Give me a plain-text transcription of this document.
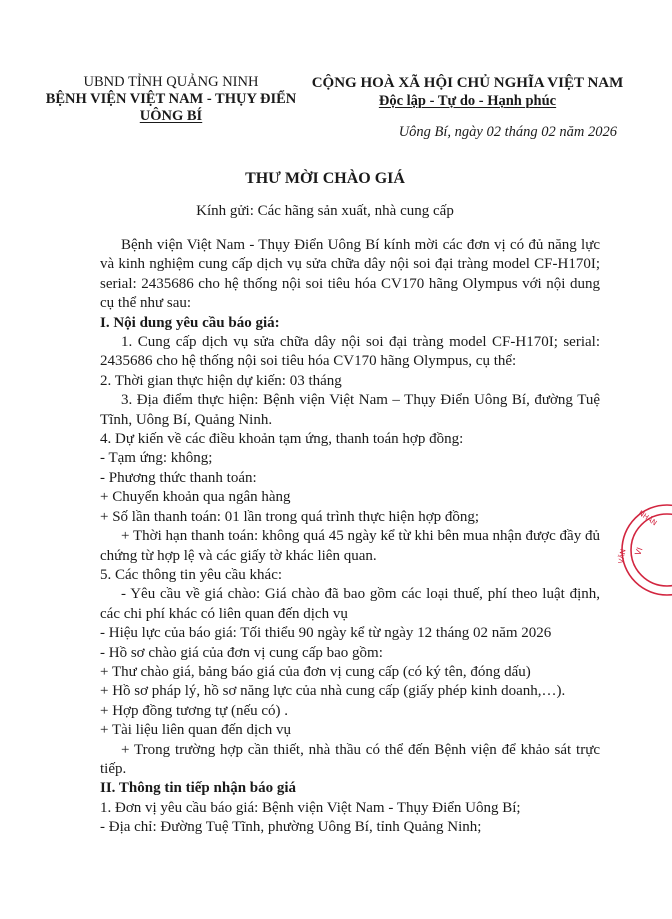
UBND TỈNH QUẢNG NINH
BỆNH VIỆN VIỆT NAM - THỤY ĐIỂN
UÔNG BÍ
CỘNG HOÀ XÃ HỘI CHỦ NGHĨA VIỆT NAM
Độc lập - Tự do - Hạnh phúc
Uông Bí, ngày 02 tháng 02 năm 2026
THƯ MỜI CHÀO GIÁ
Kính gửi: Các hãng sản xuất, nhà cung cấp

Bệnh viện Việt Nam - Thụy Điển Uông Bí kính mời các đơn vị có đủ năng lực và kinh nghiệm cung cấp dịch vụ sửa chữa dây nội soi đại tràng model CF-H170I; serial: 2435686 cho hệ thống nội soi tiêu hóa CV170 hãng Olympus với nội dung cụ thể như sau:

I. Nội dung yêu cầu báo giá:

1. Cung cấp dịch vụ sửa chữa dây nội soi đại tràng model CF-H170I; serial: 2435686 cho hệ thống nội soi tiêu hóa CV170 hãng Olympus, cụ thể:

2. Thời gian thực hiện dự kiến: 03 tháng

3. Địa điểm thực hiện: Bệnh viện Việt Nam – Thụy Điển Uông Bí, đường Tuệ Tĩnh, Uông Bí, Quảng Ninh.

4. Dự kiến về các điều khoản tạm ứng, thanh toán hợp đồng:

- Tạm ứng: không;

- Phương thức thanh toán:

+ Chuyển khoản qua ngân hàng

+ Số lần thanh toán: 01 lần trong quá trình thực hiện hợp đồng;

+ Thời hạn thanh toán: không quá 45 ngày kể từ khi bên mua nhận được đầy đủ chứng từ hợp lệ và các giấy tờ khác liên quan.

5. Các thông tin yêu cầu khác:

- Yêu cầu về giá chào: Giá chào đã bao gồm các loại thuế, phí theo luật định, các chi phí khác có liên quan đến dịch vụ

- Hiệu lực của báo giá: Tối thiểu 90 ngày kể từ ngày 12 tháng 02 năm 2026

- Hồ sơ chào giá của đơn vị cung cấp bao gồm:

+ Thư chào giá, bảng báo giá của đơn vị cung cấp (có ký tên, đóng dấu)

+ Hồ sơ pháp lý, hồ sơ năng lực của nhà cung cấp (giấy phép kinh doanh,…).

+ Hợp đồng tương tự (nếu có) .

+ Tài liệu liên quan đến dịch vụ

+ Trong trường hợp cần thiết, nhà thầu có thể đến Bệnh viện để khảo sát trực tiếp.

II. Thông tin tiếp nhận báo giá

1. Đơn vị yêu cầu báo giá: Bệnh viện Việt Nam - Thụy Điển Uông Bí;

- Địa chỉ: Đường Tuệ Tĩnh, phường Uông Bí, tỉnh Quảng Ninh;

NHÂN
VĂN VI
